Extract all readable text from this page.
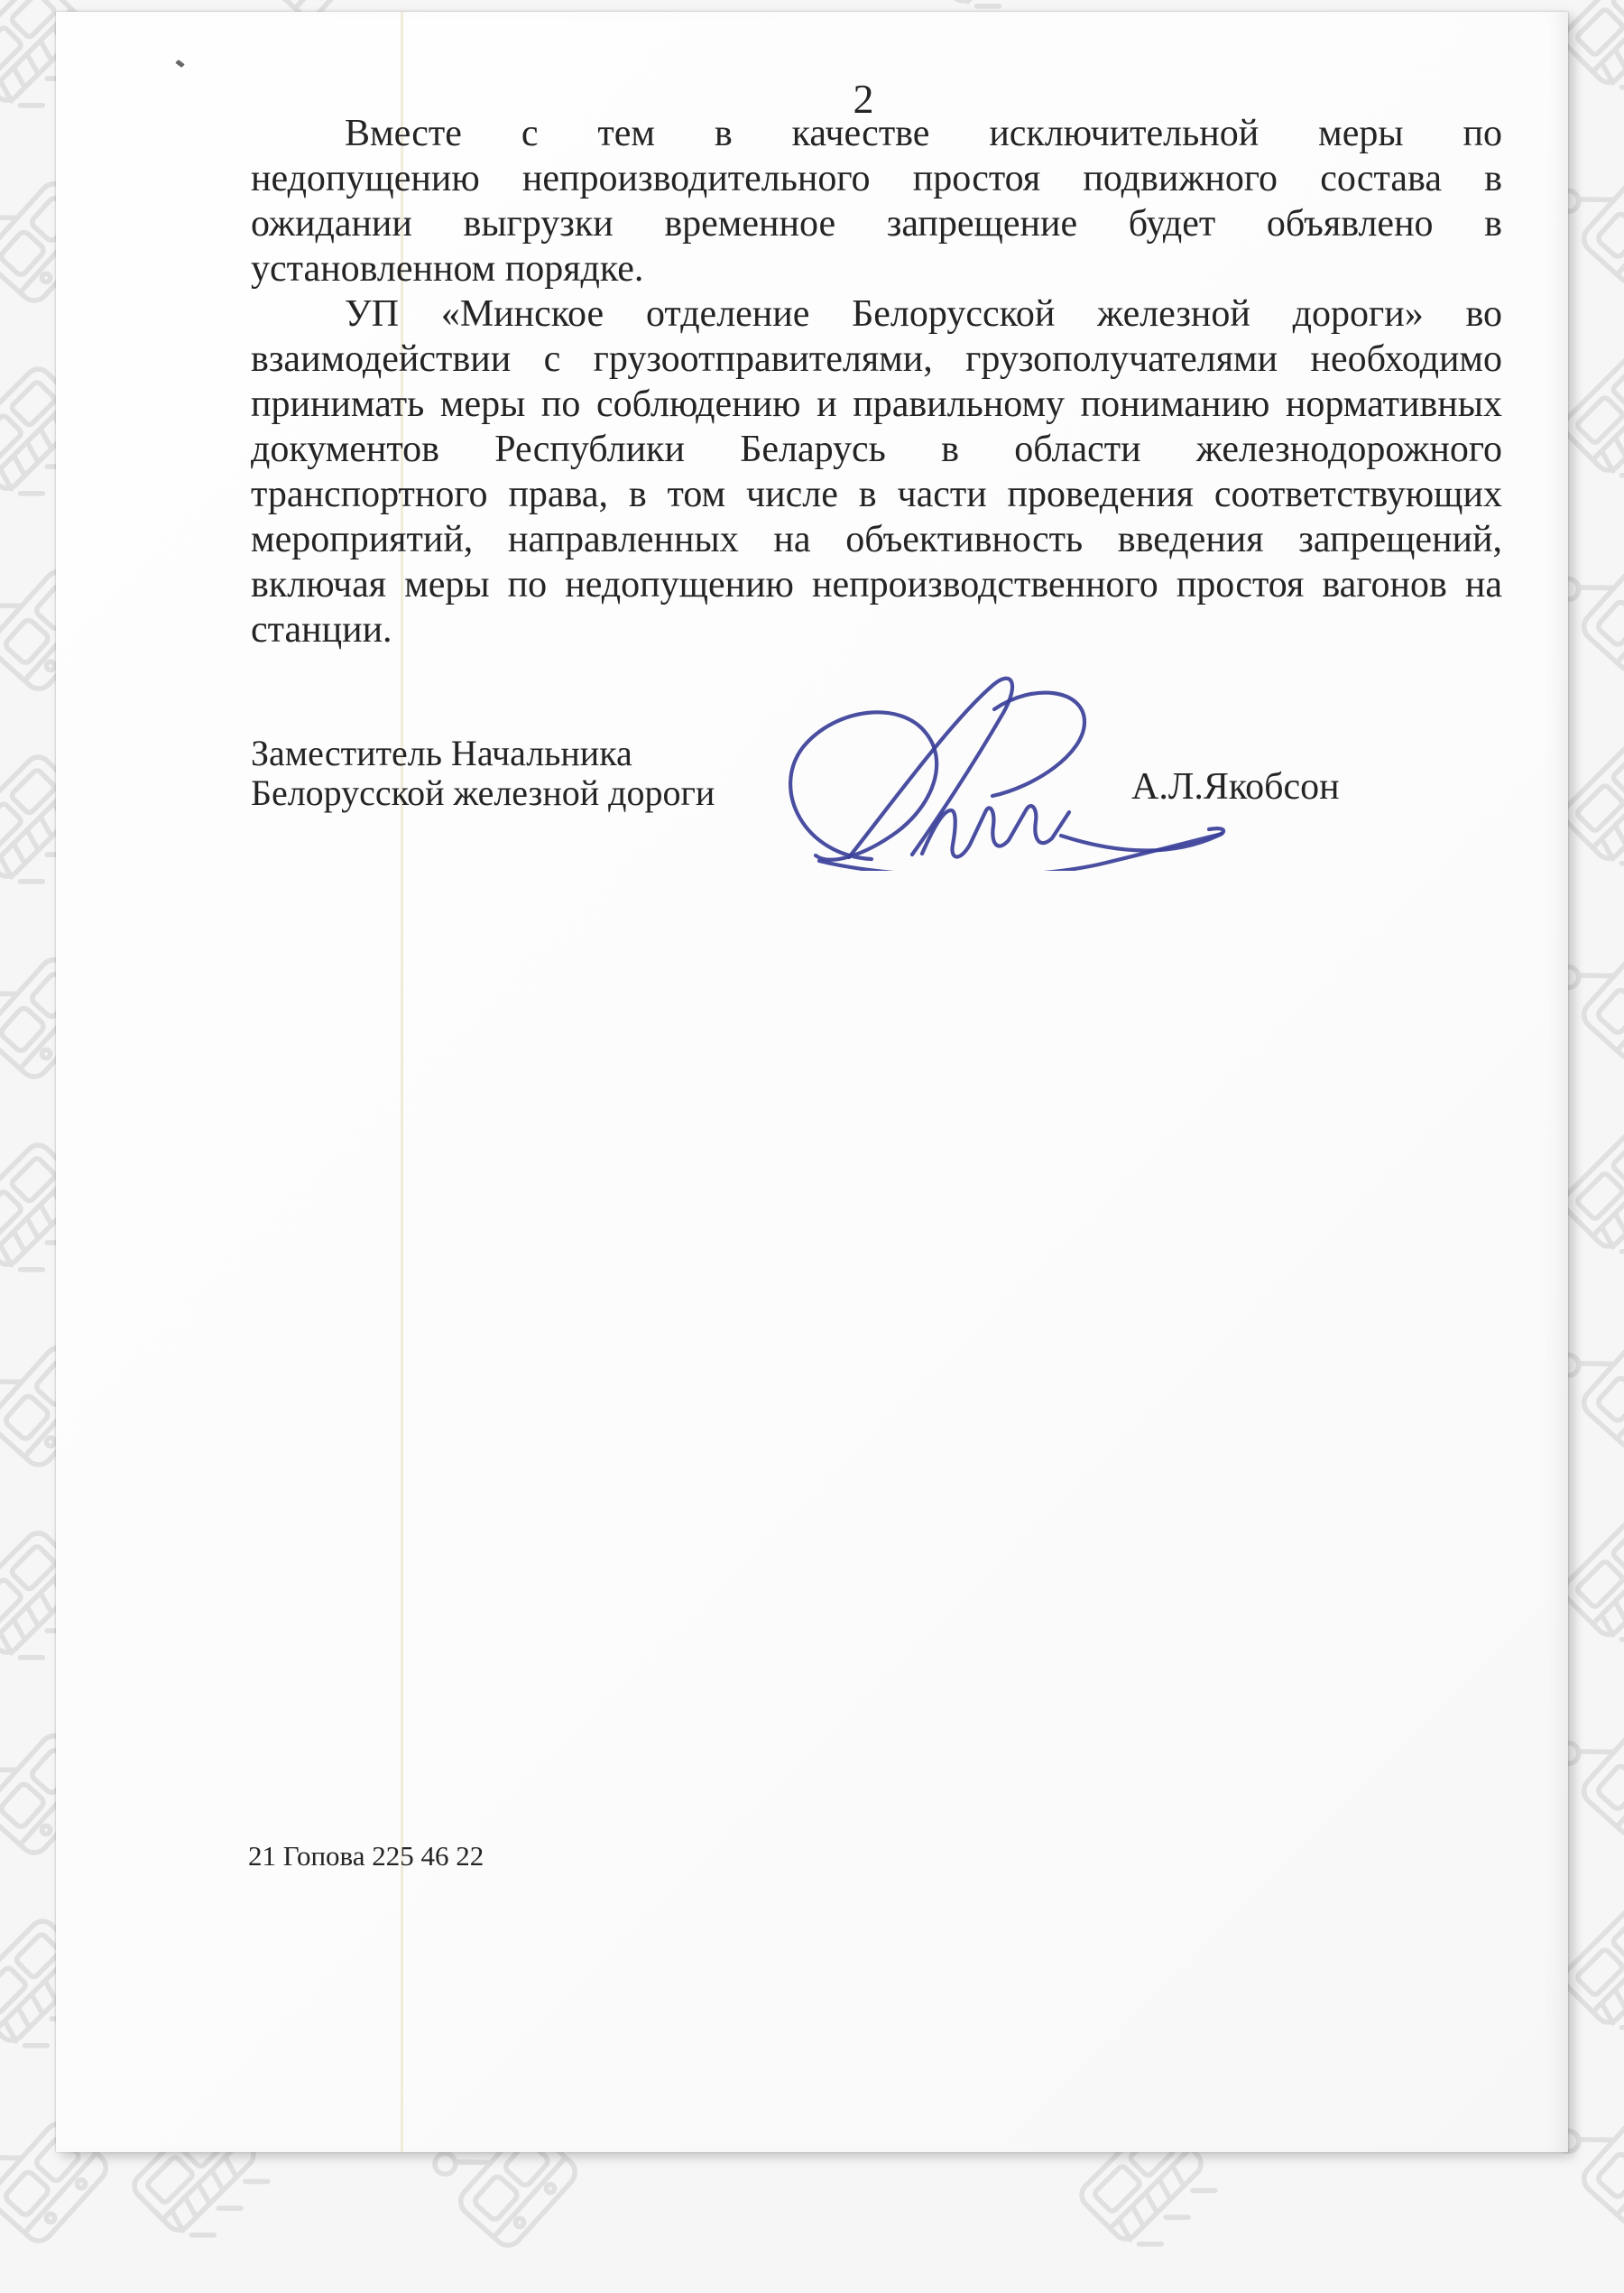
2
Вместе с тем в качестве исключительной меры по
недопущению непроизводительного простоя подвижного состава в
ожидании выгрузки временное запрещение будет объявлено в
установленном порядке.
УП «Минское отделение Белорусской железной дороги» во
взаимодействии с грузоотправителями, грузополучателями необходимо
принимать меры по соблюдению и правильному пониманию нормативных
документов Республики Беларусь в области железнодорожного
транспортного права, в том числе в части проведения соответствующих
мероприятий, направленных на объективность введения запрещений,
включая меры по недопущению непроизводственного простоя вагонов на
станции.
Заместитель Начальника
Белорусской железной дороги	А.Л.Якобсон
21 Гопова 225 46 22
